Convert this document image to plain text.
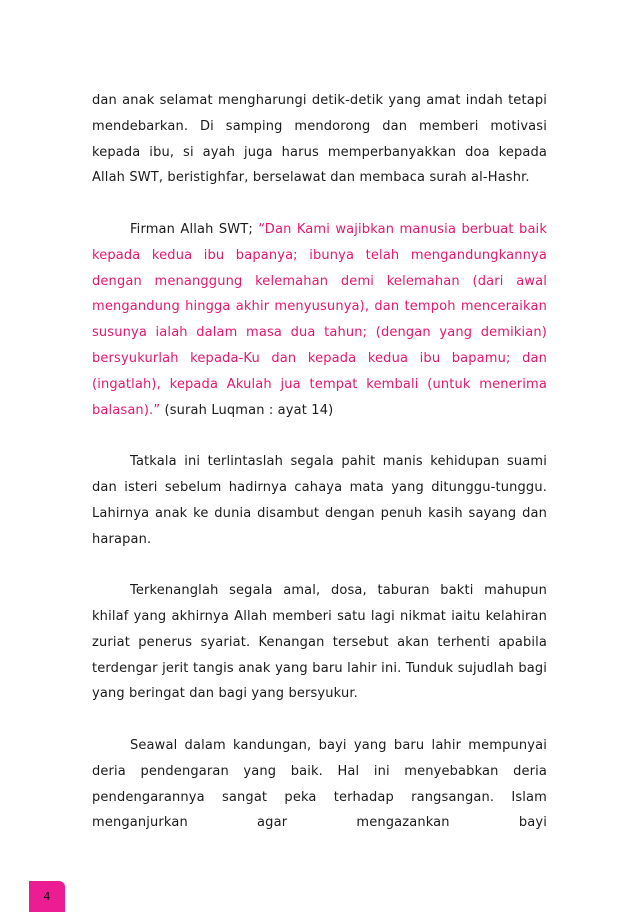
dan anak selamat mengharungi detik-detik yang amat indah tetapi mendebarkan. Di samping mendorong dan memberi motivasi kepada ibu, si ayah juga harus memperbanyakkan doa kepada Allah SWT, beristighfar, berselawat dan membaca surah al-Hashr.

Firman Allah SWT; “Dan Kami wajibkan manusia berbuat baik kepada kedua ibu bapanya; ibunya telah mengandungkannya dengan menanggung kelemahan demi kelemahan (dari awal mengandung hingga akhir menyusunya), dan tempoh menceraikan susunya ialah dalam masa dua tahun; (dengan yang demikian) bersyukurlah kepada-Ku dan kepada kedua ibu bapamu; dan (ingatlah), kepada Akulah jua tempat kembali (untuk menerima balasan).” (surah Luqman : ayat 14)

Tatkala ini terlintaslah segala pahit manis kehidupan suami dan isteri sebelum hadirnya cahaya mata yang ditunggu-tunggu. Lahirnya anak ke dunia disambut dengan penuh kasih sayang dan harapan.

Terkenanglah segala amal, dosa, taburan bakti mahupun khilaf yang akhirnya Allah memberi satu lagi nikmat iaitu kelahiran zuriat penerus syariat. Kenangan tersebut akan terhenti apabila terdengar jerit tangis anak yang baru lahir ini. Tunduk sujudlah bagi yang beringat dan bagi yang bersyukur.

Seawal dalam kandungan, bayi yang baru lahir mempunyai deria pendengaran yang baik. Hal ini menyebabkan deria pendengarannya sangat peka terhadap rangsangan. Islam menganjurkan agar mengazankan bayi

4
